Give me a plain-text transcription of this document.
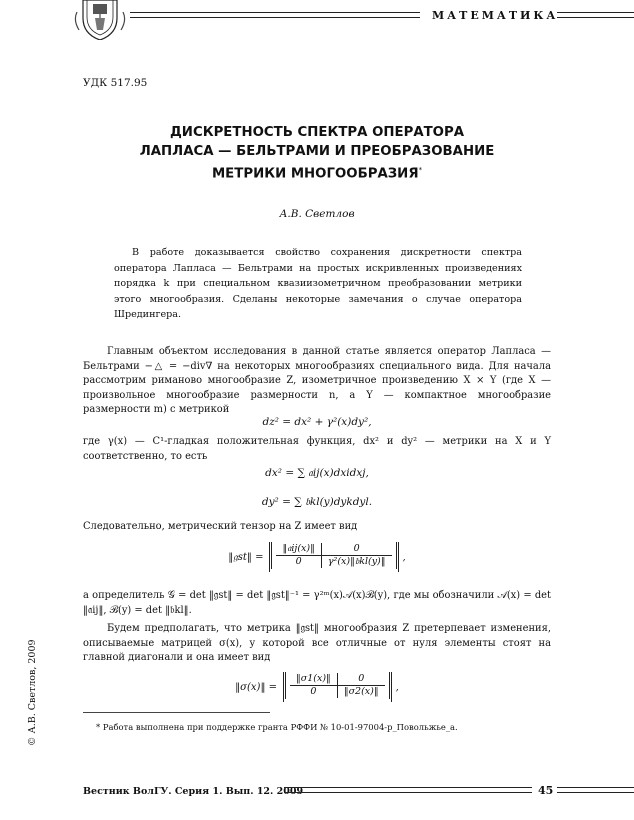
МАТЕМАТИКА
УДК 517.95
ДИСКРЕТНОСТЬ СПЕКТРА ОПЕРАТОРА
ЛАПЛАСА — БЕЛЬТРАМИ И ПРЕОБРАЗОВАНИЕ
МЕТРИКИ МНОГООБРАЗИЯ*
А.В. Светлов
В работе доказывается свойство сохранения дискретности спектра оператора Лапласа — Бельтрами на простых искривленных произведениях порядка k при специальном квазиизометричном преобразовании метрики этого многообразия. Сделаны некоторые замечания о случае оператора Шредингера.
Главным объектом исследования в данной статье является оператор Лапласа — Бельтрами −△ = −div∇ на некоторых многообразиях специального вида. Для начала рассмотрим риманово многообразие Z, изометричное произведению X × Y (где X — произвольное многообразие размерности n, а Y — компактное многообразие размерности m) с метрикой
dz² = dx² + γ²(x)dy²,
где γ(x) — C¹-гладкая положительная функция, dx² и dy² — метрики на X и Y соответственно, то есть
dx² = ∑ 𝔞ij(x)dxidxj,
dy² = ∑ 𝔟kl(y)dykdyl.
Следовательно, метрический тензор на Z имеет вид
‖𝔤st‖ =
‖𝔞ij(x)‖	0
0	γ²(x)‖𝔟kl(y)‖ ,
а определитель 𝒢 = det ‖𝔤st‖ = det ‖𝔤st‖⁻¹ = γ²ᵐ(x)𝒜(x)ℬ(y), где мы обозначили 𝒜(x) = det ‖𝔞ij‖, ℬ(y) = det ‖𝔟kl‖.
Будем предполагать, что метрика ‖𝔤st‖ многообразия Z претерпевает изменения, описываемые матрицей σ(x), у которой все отличные от нуля элементы стоят на главной диагонали и она имеет вид
‖σ(x)‖ =
‖σ1(x)‖	0
0	‖σ2(x)‖ ,
© А.В. Светлов, 2009	* Работа выполнена при поддержке гранта РФФИ № 10-01-97004-р_Повольжье_а.
Вестник ВолГУ. Серия 1. Вып. 12. 2009	45
